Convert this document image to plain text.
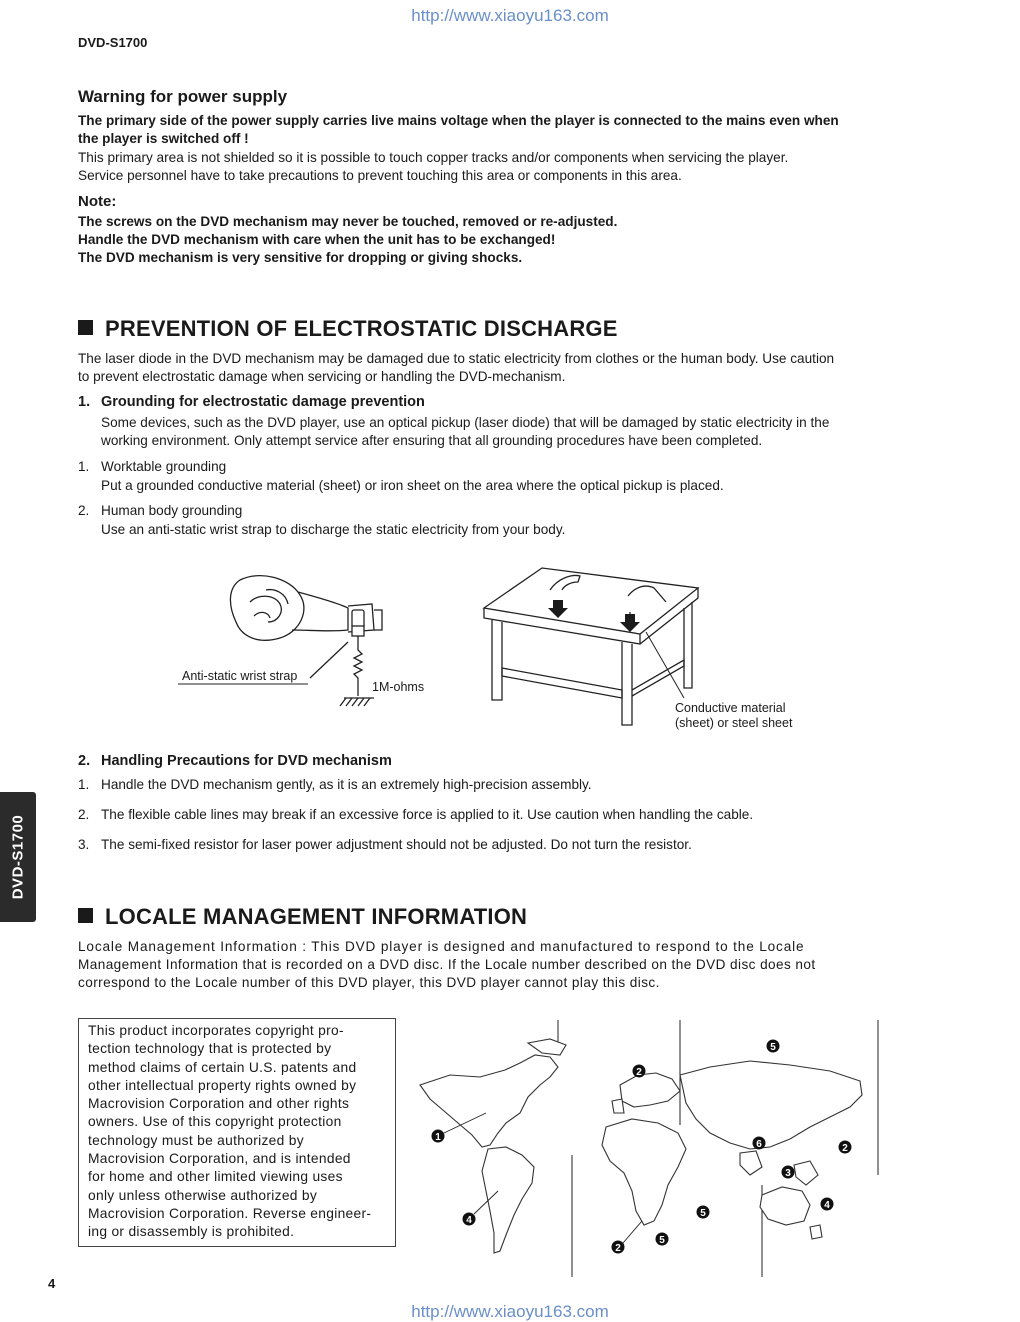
http://www.xiaoyu163.com
http://www.xiaoyu163.com
DVD-S1700
DVD-S1700
Warning for power supply
The primary side of the power supply carries live mains voltage when the player is connected to the mains even when
the player is switched off !
This primary area is not shielded so it is possible to touch copper tracks and/or components when servicing the player.
Service personnel have to take precautions to prevent touching this area or components in this area.
Note:
The screws on the DVD mechanism may never be touched, removed or re-adjusted.
Handle the DVD mechanism with care when the unit has to be exchanged!
The DVD mechanism is very sensitive for dropping or giving shocks.
PREVENTION OF ELECTROSTATIC DISCHARGE
The laser diode in the DVD mechanism may be damaged due to static electricity from clothes or the human body. Use caution
to prevent electrostatic damage when servicing or handling the DVD-mechanism.
1. Grounding for electrostatic damage prevention
Some devices, such as the DVD player, use an optical pickup (laser diode) that will be damaged by static electricity in the
working environment. Only attempt service after ensuring that all grounding procedures have been completed.
1. Worktable grounding
Put a grounded conductive material (sheet) or iron sheet on the area where the optical pickup is placed.
2. Human body grounding
Use an anti-static wrist strap to discharge the static electricity from your body.
Anti-static wrist strap
1M-ohms
Conductive material
(sheet) or steel sheet
2. Handling Precautions for DVD mechanism
1. Handle the DVD mechanism gently, as it is an extremely high-precision assembly.
2. The flexible cable lines may break if an excessive force is applied to it. Use caution when handling the cable.
3. The semi-fixed resistor for laser power adjustment should not be adjusted. Do not turn the resistor.
LOCALE MANAGEMENT INFORMATION
Locale Management Information : This DVD player is designed and manufactured to respond to the Locale
Management Information that is recorded on a DVD disc. If the Locale number described on the DVD disc does not
correspond to the Locale number of this DVD player, this DVD player cannot play this disc.
This product incorporates copyright pro-
tection technology that is protected by
method claims of certain U.S. patents and
other intellectual property rights owned by
Macrovision Corporation and other rights
owners. Use of this copyright protection
technology must be authorized by
Macrovision Corporation, and is intended
for home and other limited viewing uses
only unless otherwise authorized by
Macrovision Corporation. Reverse engineer-
ing or disassembly is prohibited.
1
2
5
6	2
3
4
4
5
2
5
4
